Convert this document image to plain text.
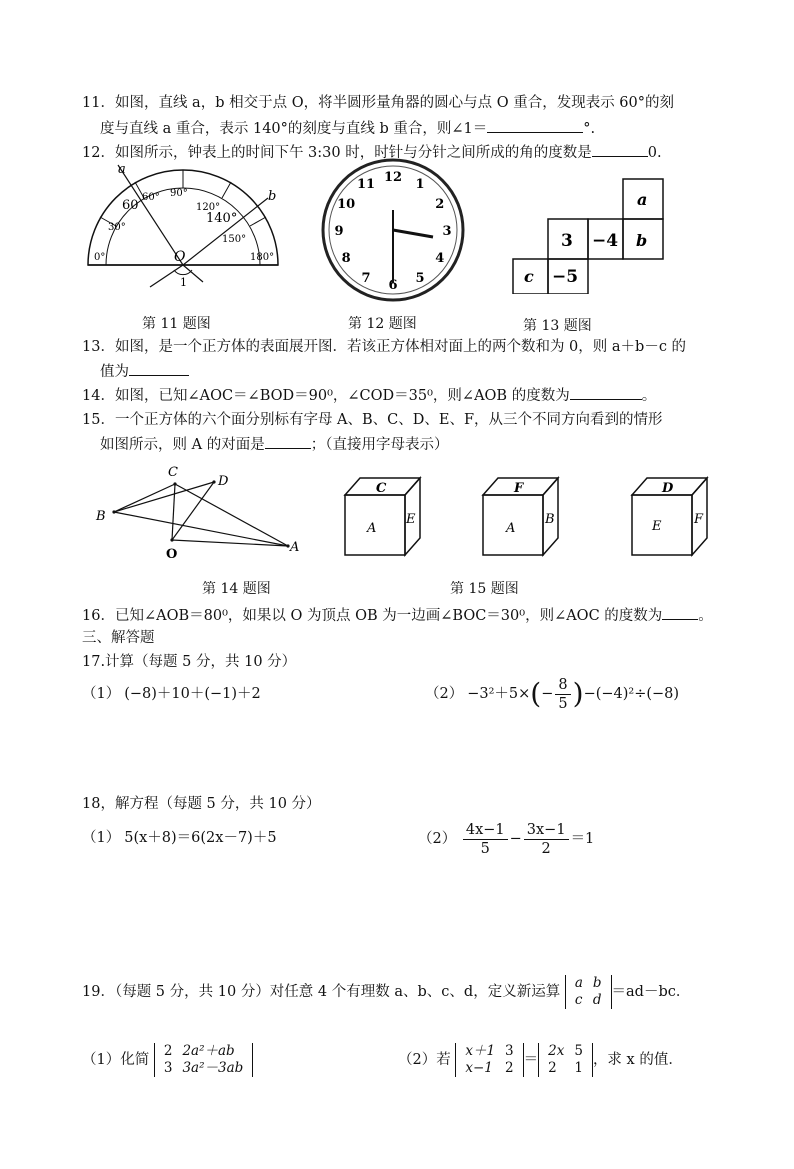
11．如图，直线 a，b 相交于点 O，将半圆形量角器的圆心与点 O 重合，发现表示 60°的刻
度与直线 a 重合，表示 140°的刻度与直线 b 重合，则∠1＝	°.
12．如图所示，钟表上的时间下午 3:30 时，时针与分针之间所成的角的度数是	0.
a
b
O
1
0°
30°
60
60° 90°
120°
140°
150°
180°
12 1
2
3
4
5
6
7
8
9
10
11
a
3 −4 b
c −5
第 11 题图	第 12 题图	第 13 题图
13．如图，是一个正方体的表面展开图．若该正方体相对面上的两个数和为 0，则 a＋b－c 的
值为
14．如图，已知∠AOC＝∠BOD＝90⁰，∠COD＝35⁰，则∠AOB 的度数为	。
15．一个正方体的六个面分别标有字母 A、B、C、D、E、F，从三个不同方向看到的情形
如图所示，则 A 的对面是	；（直接用字母表示）
B
C
D
O	A
C
A
E
F
A
B
D
E	F
第 14 题图	第 15 题图
16．已知∠AOB＝80⁰，如果以 O 为顶点 OB 为一边画∠BOC＝30⁰，则∠AOC 的度数为 。
三、解答题
17.计算（每题 5 分，共 10 分）
（1） (−8)＋10＋(−1)＋2	$(2) -3^2+5\times(- \frac{8}{5} )-(-4)^2\div(-8)$
18，解方程（每题 5 分，共 10 分）
（1） 5(x＋8)＝6(2x－7)＋5	$(2) \frac{4x-1}{5} - \frac{3x-1}{2} =1$
19．（每题 5 分，共 10 分）对任意 4 个有理数 a、b、c、d，定义新运算
a	b
c	d ＝ad－bc．
（1）化简
2	2a²＋ab
3	3a²－3ab	（2）若
x＋1	3
x−1	2 ＝
2x	5
2	1 ，求 x 的值．
